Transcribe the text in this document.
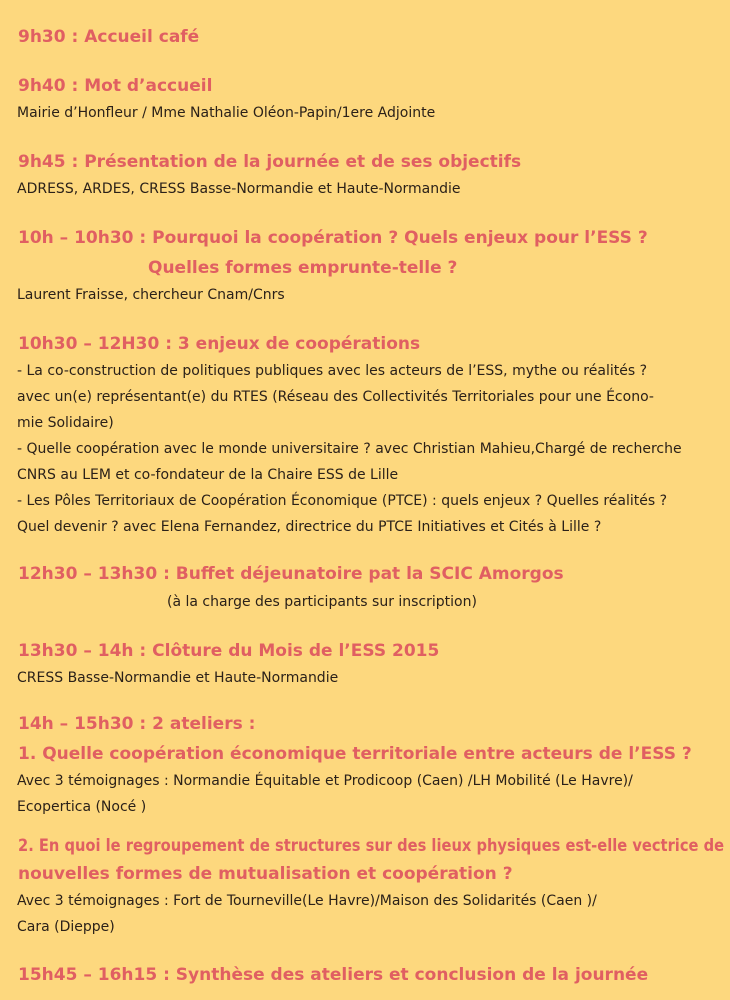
9h30 : Accueil café
9h40 : Mot d’accueil
Mairie d’Honfleur / Mme Nathalie Oléon-Papin/1ere Adjointe
9h45 : Présentation de la journée et de ses objectifs
ADRESS, ARDES, CRESS Basse-Normandie et Haute-Normandie
10h – 10h30 : Pourquoi la coopération ? Quels enjeux pour l’ESS ?
Quelles formes emprunte-telle ?
Laurent Fraisse, chercheur Cnam/Cnrs
10h30 – 12H30 : 3 enjeux de coopérations
- La co-construction de politiques publiques avec les acteurs de l’ESS, mythe ou réalités ?
avec un(e) représentant(e) du RTES (Réseau des Collectivités Territoriales pour une Écono-
mie Solidaire)
- Quelle coopération avec le monde universitaire ? avec Christian Mahieu,Chargé de recherche
CNRS au LEM et co-fondateur de la Chaire ESS de Lille
- Les Pôles Territoriaux de Coopération Économique (PTCE) : quels enjeux ? Quelles réalités ?
Quel devenir ? avec Elena Fernandez, directrice du PTCE Initiatives et Cités à Lille ?
12h30 – 13h30 : Buffet déjeunatoire pat la SCIC Amorgos
(à la charge des participants sur inscription)
13h30 – 14h : Clôture du Mois de l’ESS 2015
CRESS Basse-Normandie et Haute-Normandie
14h – 15h30 : 2 ateliers :
1. Quelle coopération économique territoriale entre acteurs de l’ESS ?
Avec 3 témoignages : Normandie Équitable et Prodicoop (Caen) /LH Mobilité (Le Havre)/
Ecopertica (Nocé )
2. En quoi le regroupement de structures sur des lieux physiques est-elle vectrice de
nouvelles formes de mutualisation et coopération ?
Avec 3 témoignages : Fort de Tourneville(Le Havre)/Maison des Solidarités (Caen )/
Cara (Dieppe)
15h45 – 16h15 : Synthèse des ateliers et conclusion de la journée
